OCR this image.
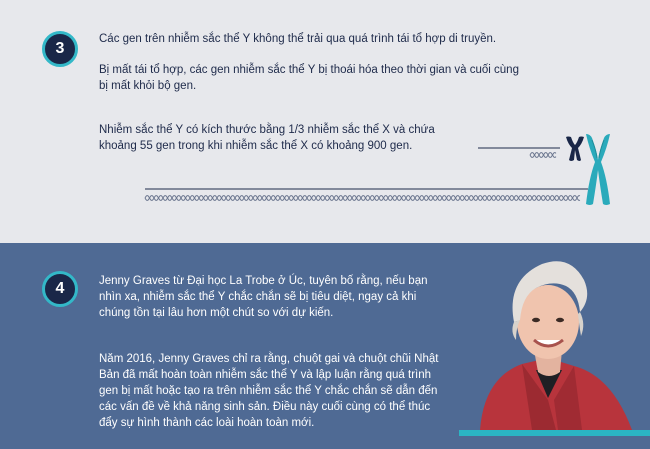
3

Các gen trên nhiễm sắc thể Y không thể trải qua quá trình tái tổ hợp di truyền.

Bị mất tái tổ hợp, các gen nhiễm sắc thể Y bị thoái hóa theo thời gian và cuối cùng bị mất khỏi bộ gen.

Nhiễm sắc thể Y có kích thước bằng 1/3 nhiễm sắc thể X và chứa khoảng 55 gen trong khi nhiễm sắc thể X có khoảng 900 gen.

4	Jenny Graves từ Đại học La Trobe ở Úc, tuyên bố rằng, nếu bạn nhìn xa, nhiễm sắc thể Y chắc chắn sẽ bị tiêu diệt, ngay cả khi chúng tồn tại lâu hơn một chút so với dự kiến.

Năm 2016, Jenny Graves chỉ ra rằng, chuột gai và chuột chũi Nhật Bản đã mất hoàn toàn nhiễm sắc thể Y và lập luận rằng quá trình gen bị mất hoặc tạo ra trên nhiễm sắc thể Y chắc chắn sẽ dẫn đến các vấn đề về khả năng sinh sản. Điều này cuối cùng có thể thúc đẩy sự hình thành các loài hoàn toàn mới.
